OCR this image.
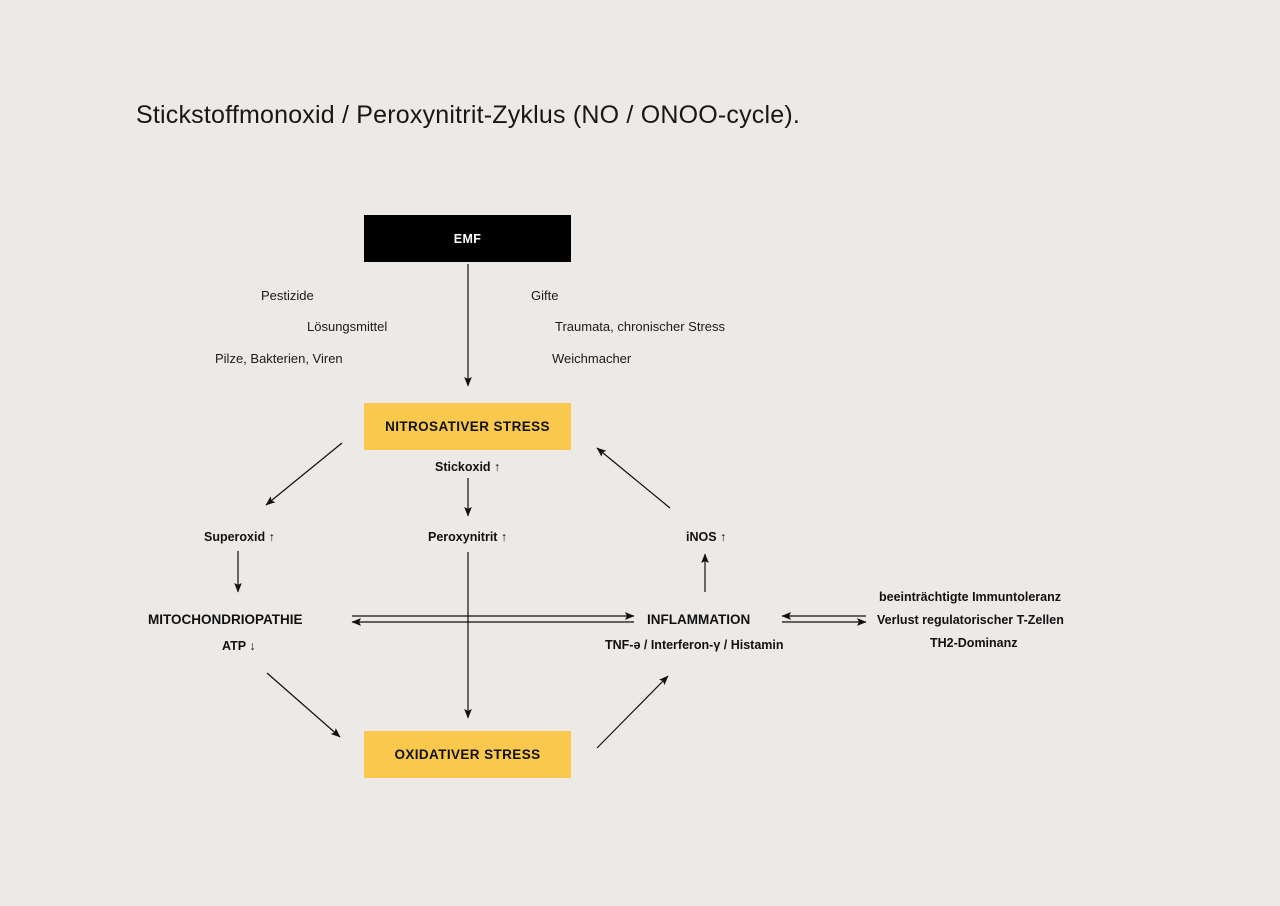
Stickstoffmonoxid / Peroxynitrit-Zyklus (NO / ONOO-cycle).
EMF
NITROSATIVER STRESS
OXIDATIVER STRESS
Pestizide
Lösungsmittel
Pilze, Bakterien, Viren
Gifte
Traumata, chronischer Stress
Weichmacher
Stickoxid ↑
Superoxid ↑	Peroxynitrit ↑	iNOS ↑
MITOCHONDRIOPATHIE
ATP ↓
INFLAMMATION
TNF-ə / Interferon-γ / Histamin
beeinträchtigte Immuntoleranz
Verlust regulatorischer T-Zellen
TH2-Dominanz
